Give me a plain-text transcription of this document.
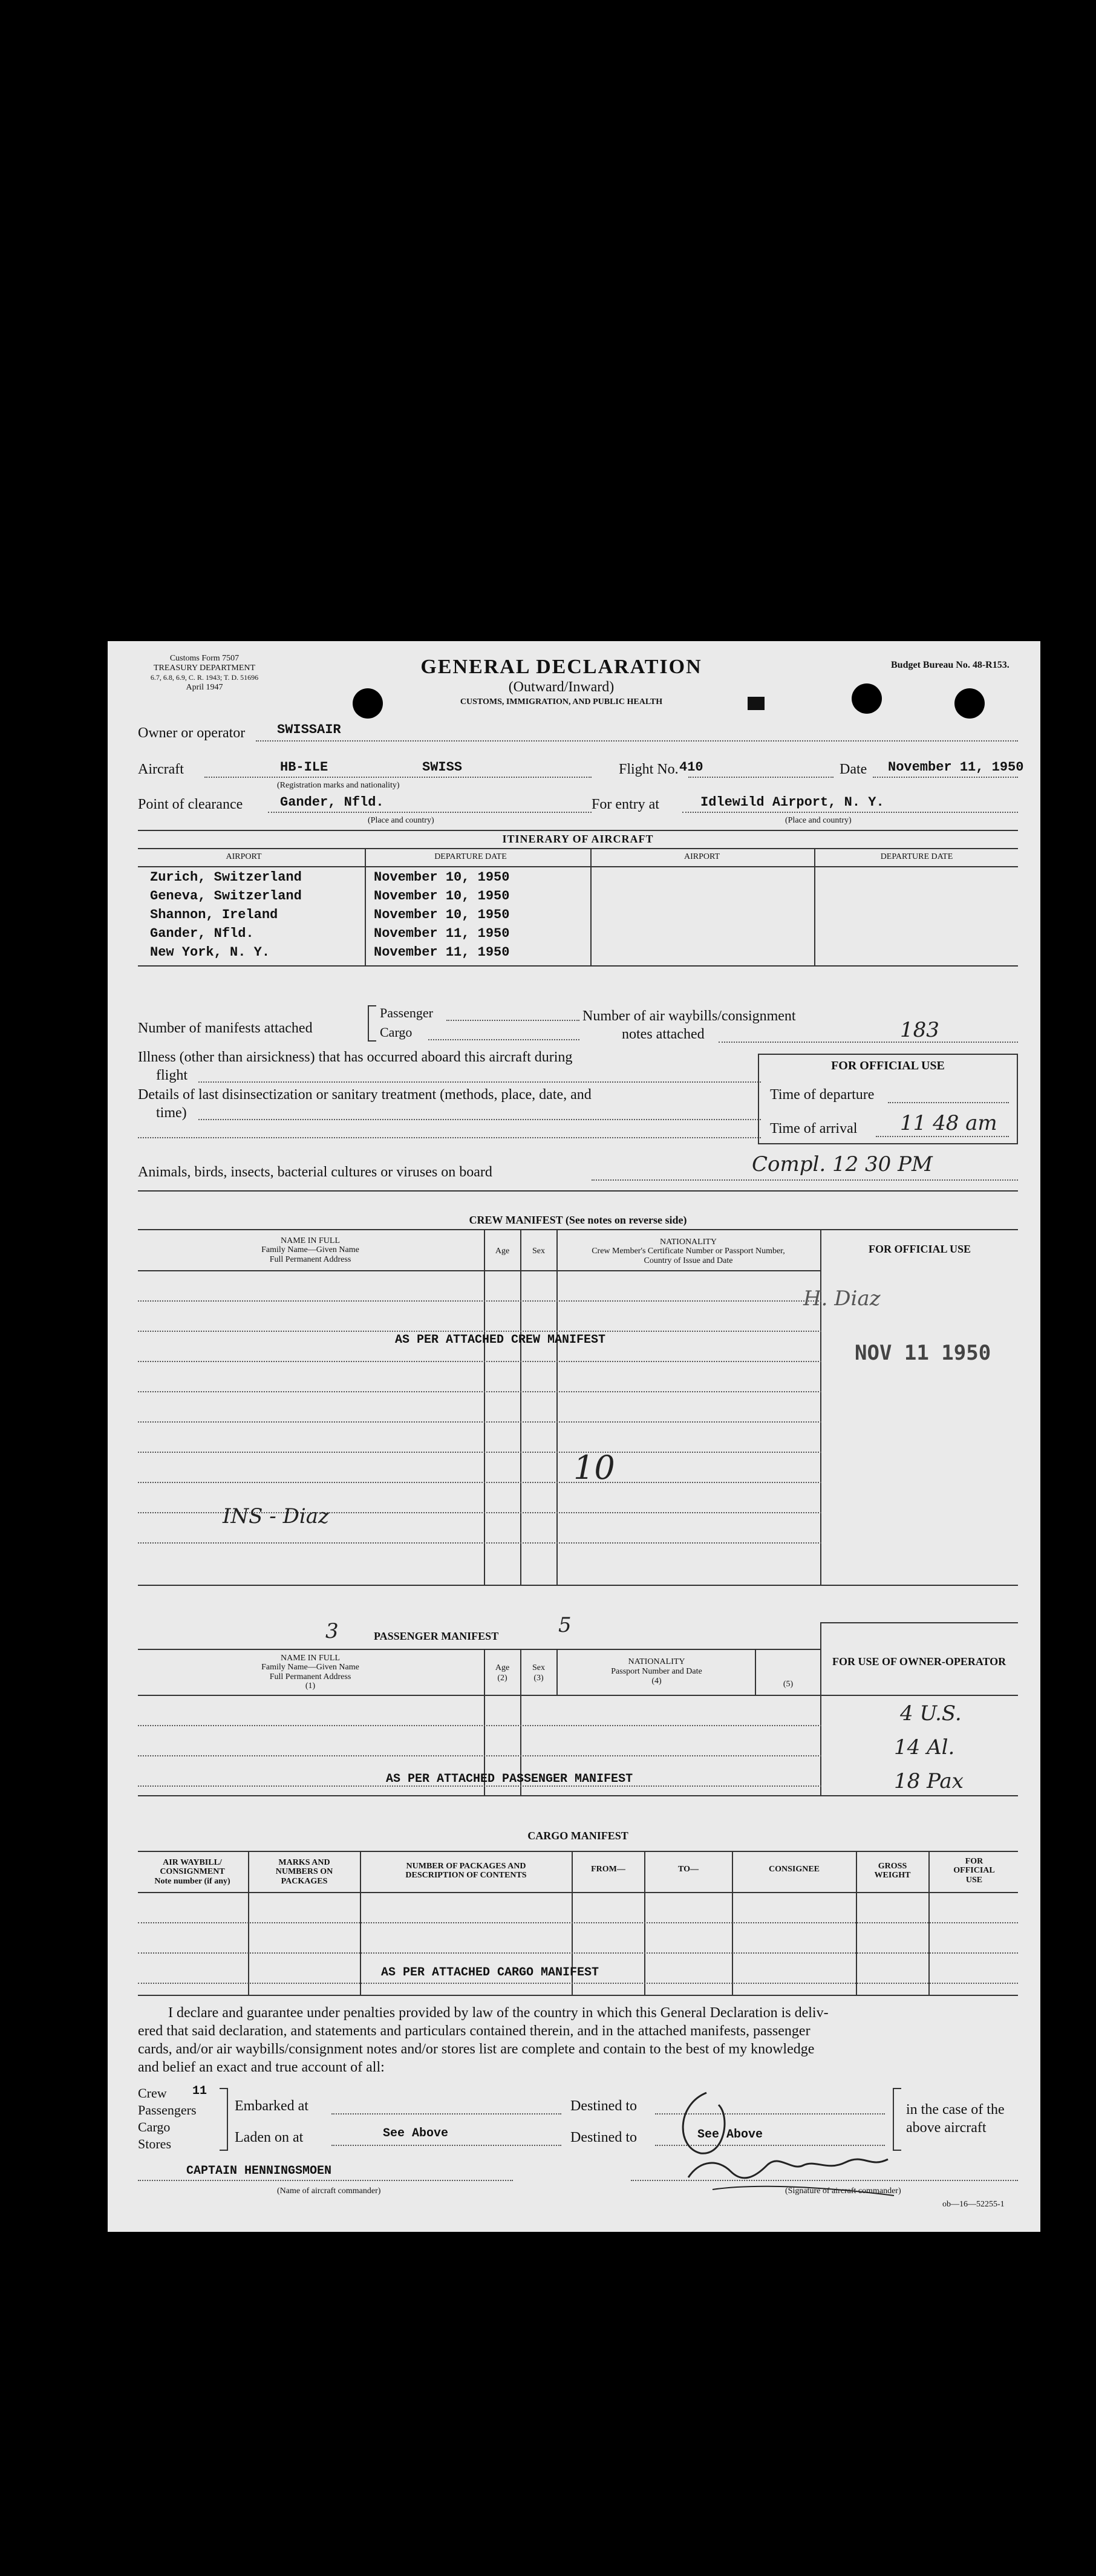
Customs Form 7507
TREASURY DEPARTMENT
6.7, 6.8, 6.9, C. R. 1943; T. D. 51696
April 1947
GENERAL DECLARATION
(Outward/Inward)
CUSTOMS, IMMIGRATION, AND PUBLIC HEALTH
Budget Bureau No. 48-R153.
Owner or operator SWISSAIR
Aircraft	HB-ILE	SWISS
(Registration marks and nationality)
Flight No. 410	Date November 11, 1950
Point of clearance	Gander, Nfld.
(Place and country)
For entry at	Idlewild Airport, N. Y.
(Place and country)
ITINERARY OF AIRCRAFT
AIRPORT	DEPARTURE DATE	AIRPORT	DEPARTURE DATE
Zurich, Switzerland	November 10, 1950
Geneva, Switzerland	November 10, 1950
Shannon, Ireland	November 10, 1950
Gander, Nfld.	November 11, 1950
New York, N. Y.	November 11, 1950
Number of manifests attached
Passenger
Cargo
Number of air waybills/consignment
notes attached	183
Illness (other than airsickness) that has occurred aboard this aircraft during
flight
Details of last disinsectization or sanitary treatment (methods, place, date, and
time)
FOR OFFICIAL USE
Time of departure
Time of arrival 11 48 am
Animals, birds, insects, bacterial cultures or viruses on board	Compl. 12 30 PM
CREW MANIFEST (See notes on reverse side)
NAME IN FULL
Family Name—Given Name
Full Permanent Address
Age	Sex
NATIONALITY
Crew Member's Certificate Number or Passport Number,
Country of Issue and Date
FOR OFFICIAL USE
AS PER ATTACHED CREW MANIFEST
H. Diaz
NOV 11 1950
INS - Diaz
10
3	PASSENGER MANIFEST	5
FOR USE OF OWNER-OPERATOR
NAME IN FULL
Family Name—Given Name
Full Permanent Address
(1)
Age
(2)
Sex
(3)
NATIONALITY
Passport Number and Date
(4)	(5)
AS PER ATTACHED PASSENGER MANIFEST
4 U.S.
14 Al.
18 Pax
CARGO MANIFEST
AIR WAYBILL/
CONSIGNMENT
Note number (if any)
MARKS AND
NUMBERS ON
PACKAGES
NUMBER OF PACKAGES AND
DESCRIPTION OF CONTENTS
FROM—	TO—	CONSIGNEE	GROSS
WEIGHT
FOR
OFFICIAL
USE
AS PER ATTACHED CARGO MANIFEST
I declare and guarantee under penalties provided by law of the country in which this General Declaration is deliv-
ered that said declaration, and statements and particulars contained therein, and in the attached manifests, passenger
cards, and/or air waybills/consignment notes and/or stores list are complete and contain to the best of my knowledge
and belief an exact and true account of all:
Crew 11
Passengers
Cargo
Stores
Embarked at
Laden on at	See Above
Destined to
Destined to	See Above
in the case of the
above aircraft
CAPTAIN HENNINGSMOEN
(Name of aircraft commander)	(Signature of aircraft commander)
ob—16—52255-1
